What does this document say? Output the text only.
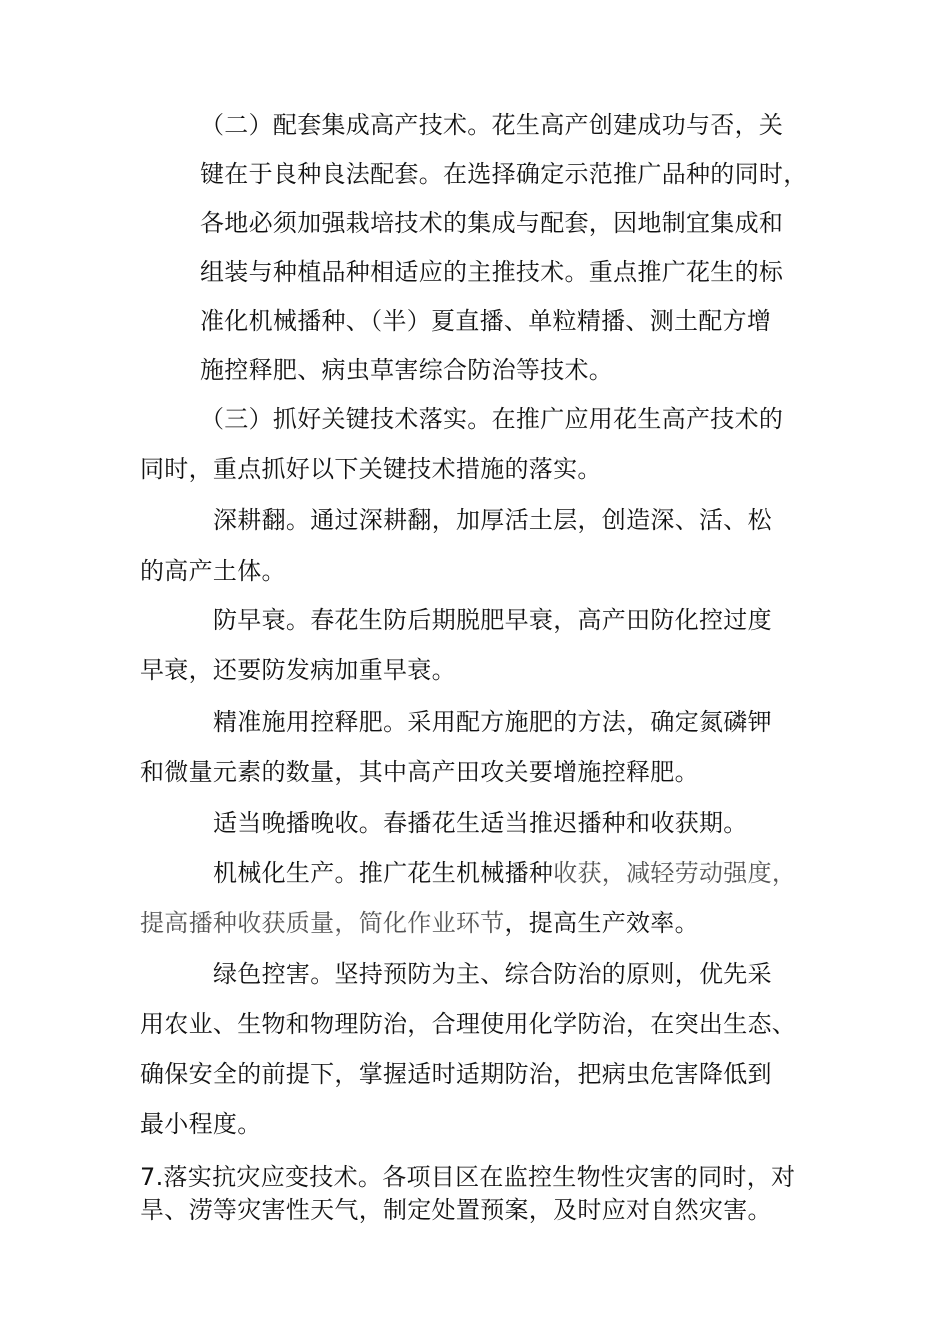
（二）配套集成高产技术。花生高产创建成功与否，关
键在于良种良法配套。在选择确定示范推广品种的同时，
各地必须加强栽培技术的集成与配套，因地制宜集成和
组装与种植品种相适应的主推技术。重点推广花生的标
准化机械播种、（半）夏直播、单粒精播、测土配方增
施控释肥、病虫草害综合防治等技术。
（三）抓好关键技术落实。在推广应用花生高产技术的
同时，重点抓好以下关键技术措施的落实。
深耕翻。通过深耕翻，加厚活土层，创造深、活、松
的高产土体。
防早衰。春花生防后期脱肥早衰，高产田防化控过度
早衰，还要防发病加重早衰。
精准施用控释肥。采用配方施肥的方法，确定氮磷钾
和微量元素的数量，其中高产田攻关要增施控释肥。
适当晚播晚收。春播花生适当推迟播种和收获期。
机械化生产。推广花生机械播种收获，减轻劳动强度，
提高播种收获质量，简化作业环节，提高生产效率。
绿色控害。坚持预防为主、综合防治的原则，优先采
用农业、生物和物理防治，合理使用化学防治，在突出生态、
确保安全的前提下，掌握适时适期防治，把病虫危害降低到
最小程度。
7.落实抗灾应变技术。各项目区在监控生物性灾害的同时，对
旱、涝等灾害性天气，制定处置预案，及时应对自然灾害。
